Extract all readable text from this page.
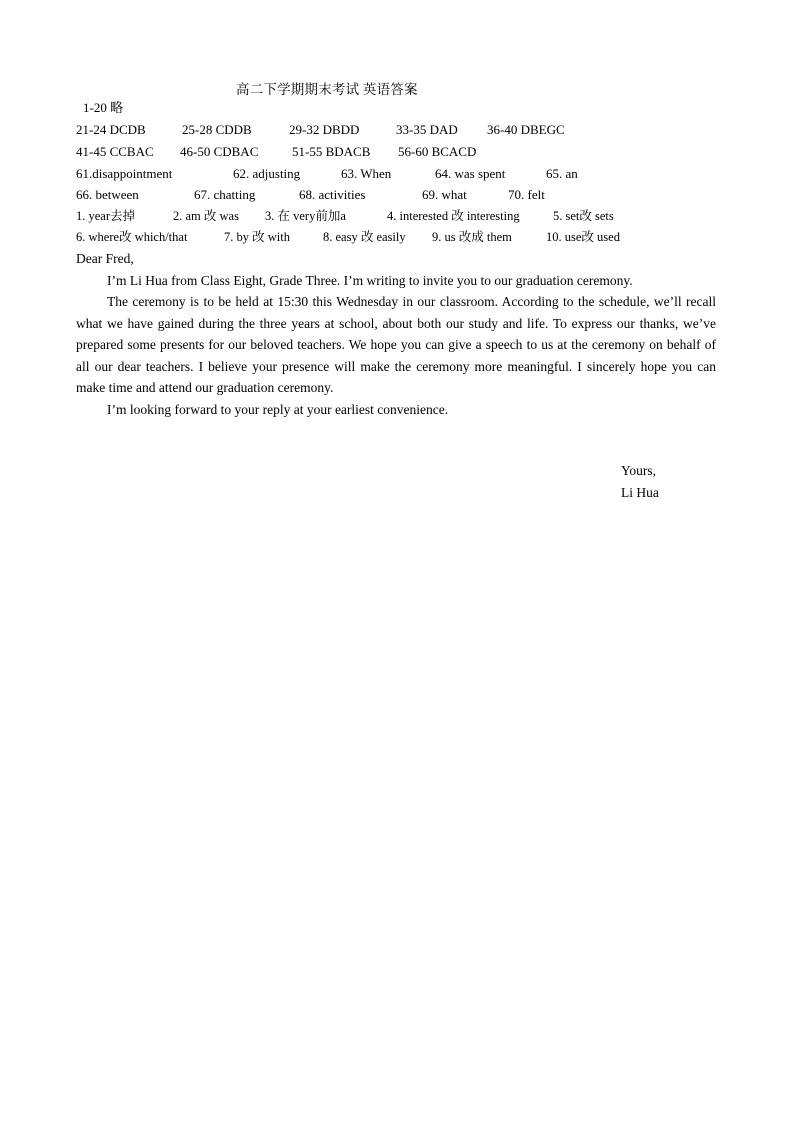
高二下学期期末考试 英语答案
1-20 略
21-24 DCDB	25-28 CDDB	29-32 DBDD	33-35 DAD 36-40 DBEGC
41-45 CCBAC 46-50 CDBAC	51-55 BDACB 56-60 BCACD
61.disappointment	62. adjusting	63. When	64. was spent	65. an
66. between	67. chatting	68. activities	69. what	70. felt
1. year去掉	2. am 改 was 3. 在 very前加a	4. interested 改 interesting	5. set改 sets
6. where改 which/that	7. by 改 with	8. easy 改 easily 9. us 改成 them	10. use改 used

Dear Fred,

I’m Li Hua from Class Eight, Grade Three. I’m writing to invite you to our graduation ceremony.

The ceremony is to be held at 15:30 this Wednesday in our classroom. According to the schedule, we’ll recall what we have gained during the three years at school, about both our study and life. To express our thanks, we’ve prepared some presents for our beloved teachers. We hope you can give a speech to us at the ceremony on behalf of all our dear teachers. I believe your presence will make the ceremony more meaningful. I sincerely hope you can make time and attend our graduation ceremony.

I’m looking forward to your reply at your earliest convenience.

Yours,
Li Hua
